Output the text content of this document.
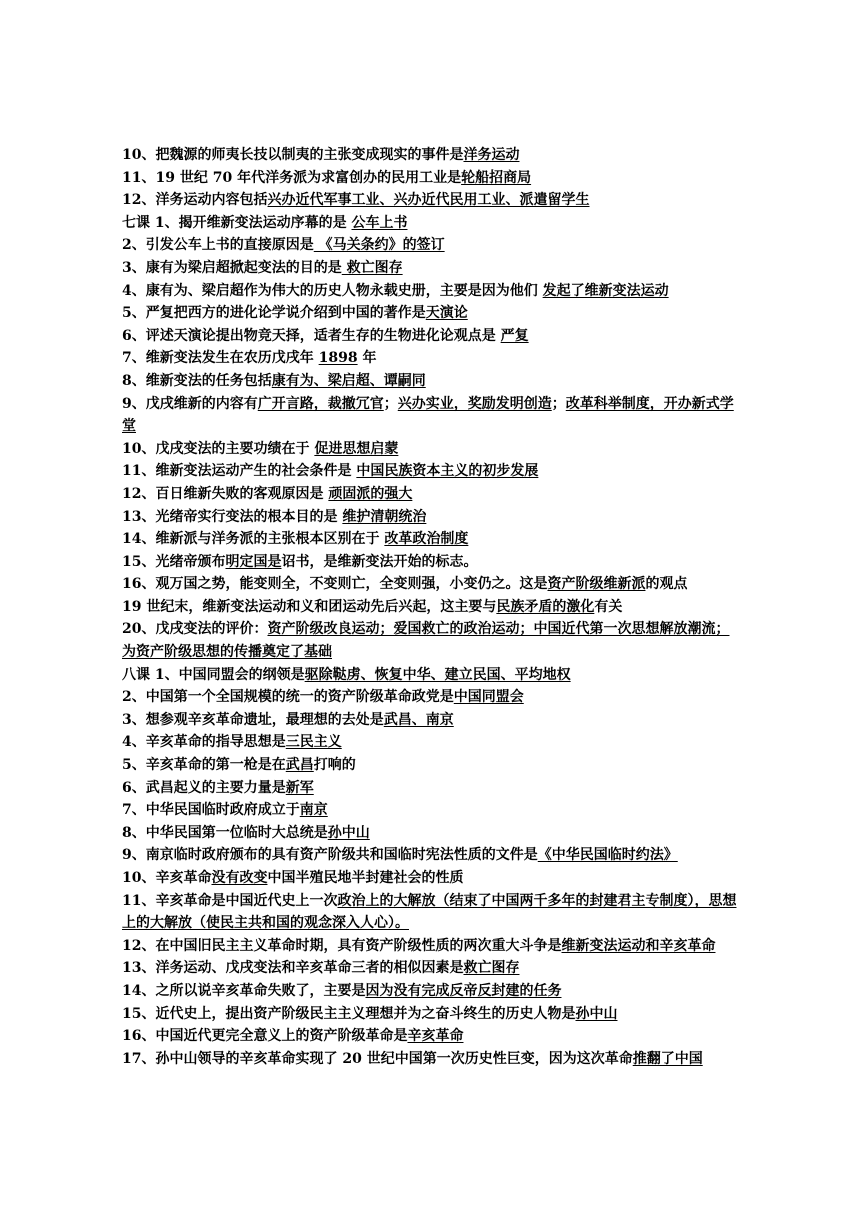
10、把魏源的师夷长技以制夷的主张变成现实的事件是洋务运动

11、19 世纪 70 年代洋务派为求富创办的民用工业是轮船招商局

12、洋务运动内容包括兴办近代军事工业、兴办近代民用工业、派遣留学生

七课 1、揭开维新变法运动序幕的是 公车上书

2、引发公车上书的直接原因是 《马关条约》的签订

3、康有为梁启超掀起变法的目的是 救亡图存

4、康有为、梁启超作为伟大的历史人物永载史册，主要是因为他们 发起了维新变法运动

5、严复把西方的进化论学说介绍到中国的著作是天演论

6、评述天演论提出物竞天择，适者生存的生物进化论观点是 严复

7、维新变法发生在农历戊戌年 1898 年

8、维新变法的任务包括康有为、梁启超、谭嗣同

9、戊戌维新的内容有广开言路，裁撤冗官；兴办实业，奖励发明创造；改革科举制度，开办新式学堂

10、戊戌变法的主要功绩在于 促进思想启蒙

11、维新变法运动产生的社会条件是 中国民族资本主义的初步发展

12、百日维新失败的客观原因是 顽固派的强大

13、光绪帝实行变法的根本目的是 维护清朝统治

14、维新派与洋务派的主张根本区别在于 改革政治制度

15、光绪帝颁布明定国是诏书，是维新变法开始的标志。

16、观万国之势，能变则全，不变则亡，全变则强，小变仍之。这是资产阶级维新派的观点

19 世纪末，维新变法运动和义和团运动先后兴起，这主要与民族矛盾的激化有关

20、戊戌变法的评价：资产阶级改良运动；爱国救亡的政治运动；中国近代第一次思想解放潮流；为资产阶级思想的传播奠定了基础

八课 1、中国同盟会的纲领是驱除鞑虏、恢复中华、建立民国、平均地权

2、中国第一个全国规模的统一的资产阶级革命政党是中国同盟会

3、想参观辛亥革命遗址，最理想的去处是武昌、南京

4、辛亥革命的指导思想是三民主义

5、辛亥革命的第一枪是在武昌打响的

6、武昌起义的主要力量是新军

7、中华民国临时政府成立于南京

8、中华民国第一位临时大总统是孙中山

9、南京临时政府颁布的具有资产阶级共和国临时宪法性质的文件是《中华民国临时约法》

10、辛亥革命没有改变中国半殖民地半封建社会的性质

11、辛亥革命是中国近代史上一次政治上的大解放（结束了中国两千多年的封建君主专制度），思想上的大解放（使民主共和国的观念深入人心）。

12、在中国旧民主主义革命时期，具有资产阶级性质的两次重大斗争是维新变法运动和辛亥革命

13、洋务运动、戊戌变法和辛亥革命三者的相似因素是救亡图存

14、之所以说辛亥革命失败了，主要是因为没有完成反帝反封建的任务

15、近代史上，提出资产阶级民主主义理想并为之奋斗终生的历史人物是孙中山

16、中国近代更完全意义上的资产阶级革命是辛亥革命

17、孙中山领导的辛亥革命实现了 20 世纪中国第一次历史性巨变，因为这次革命推翻了中国
